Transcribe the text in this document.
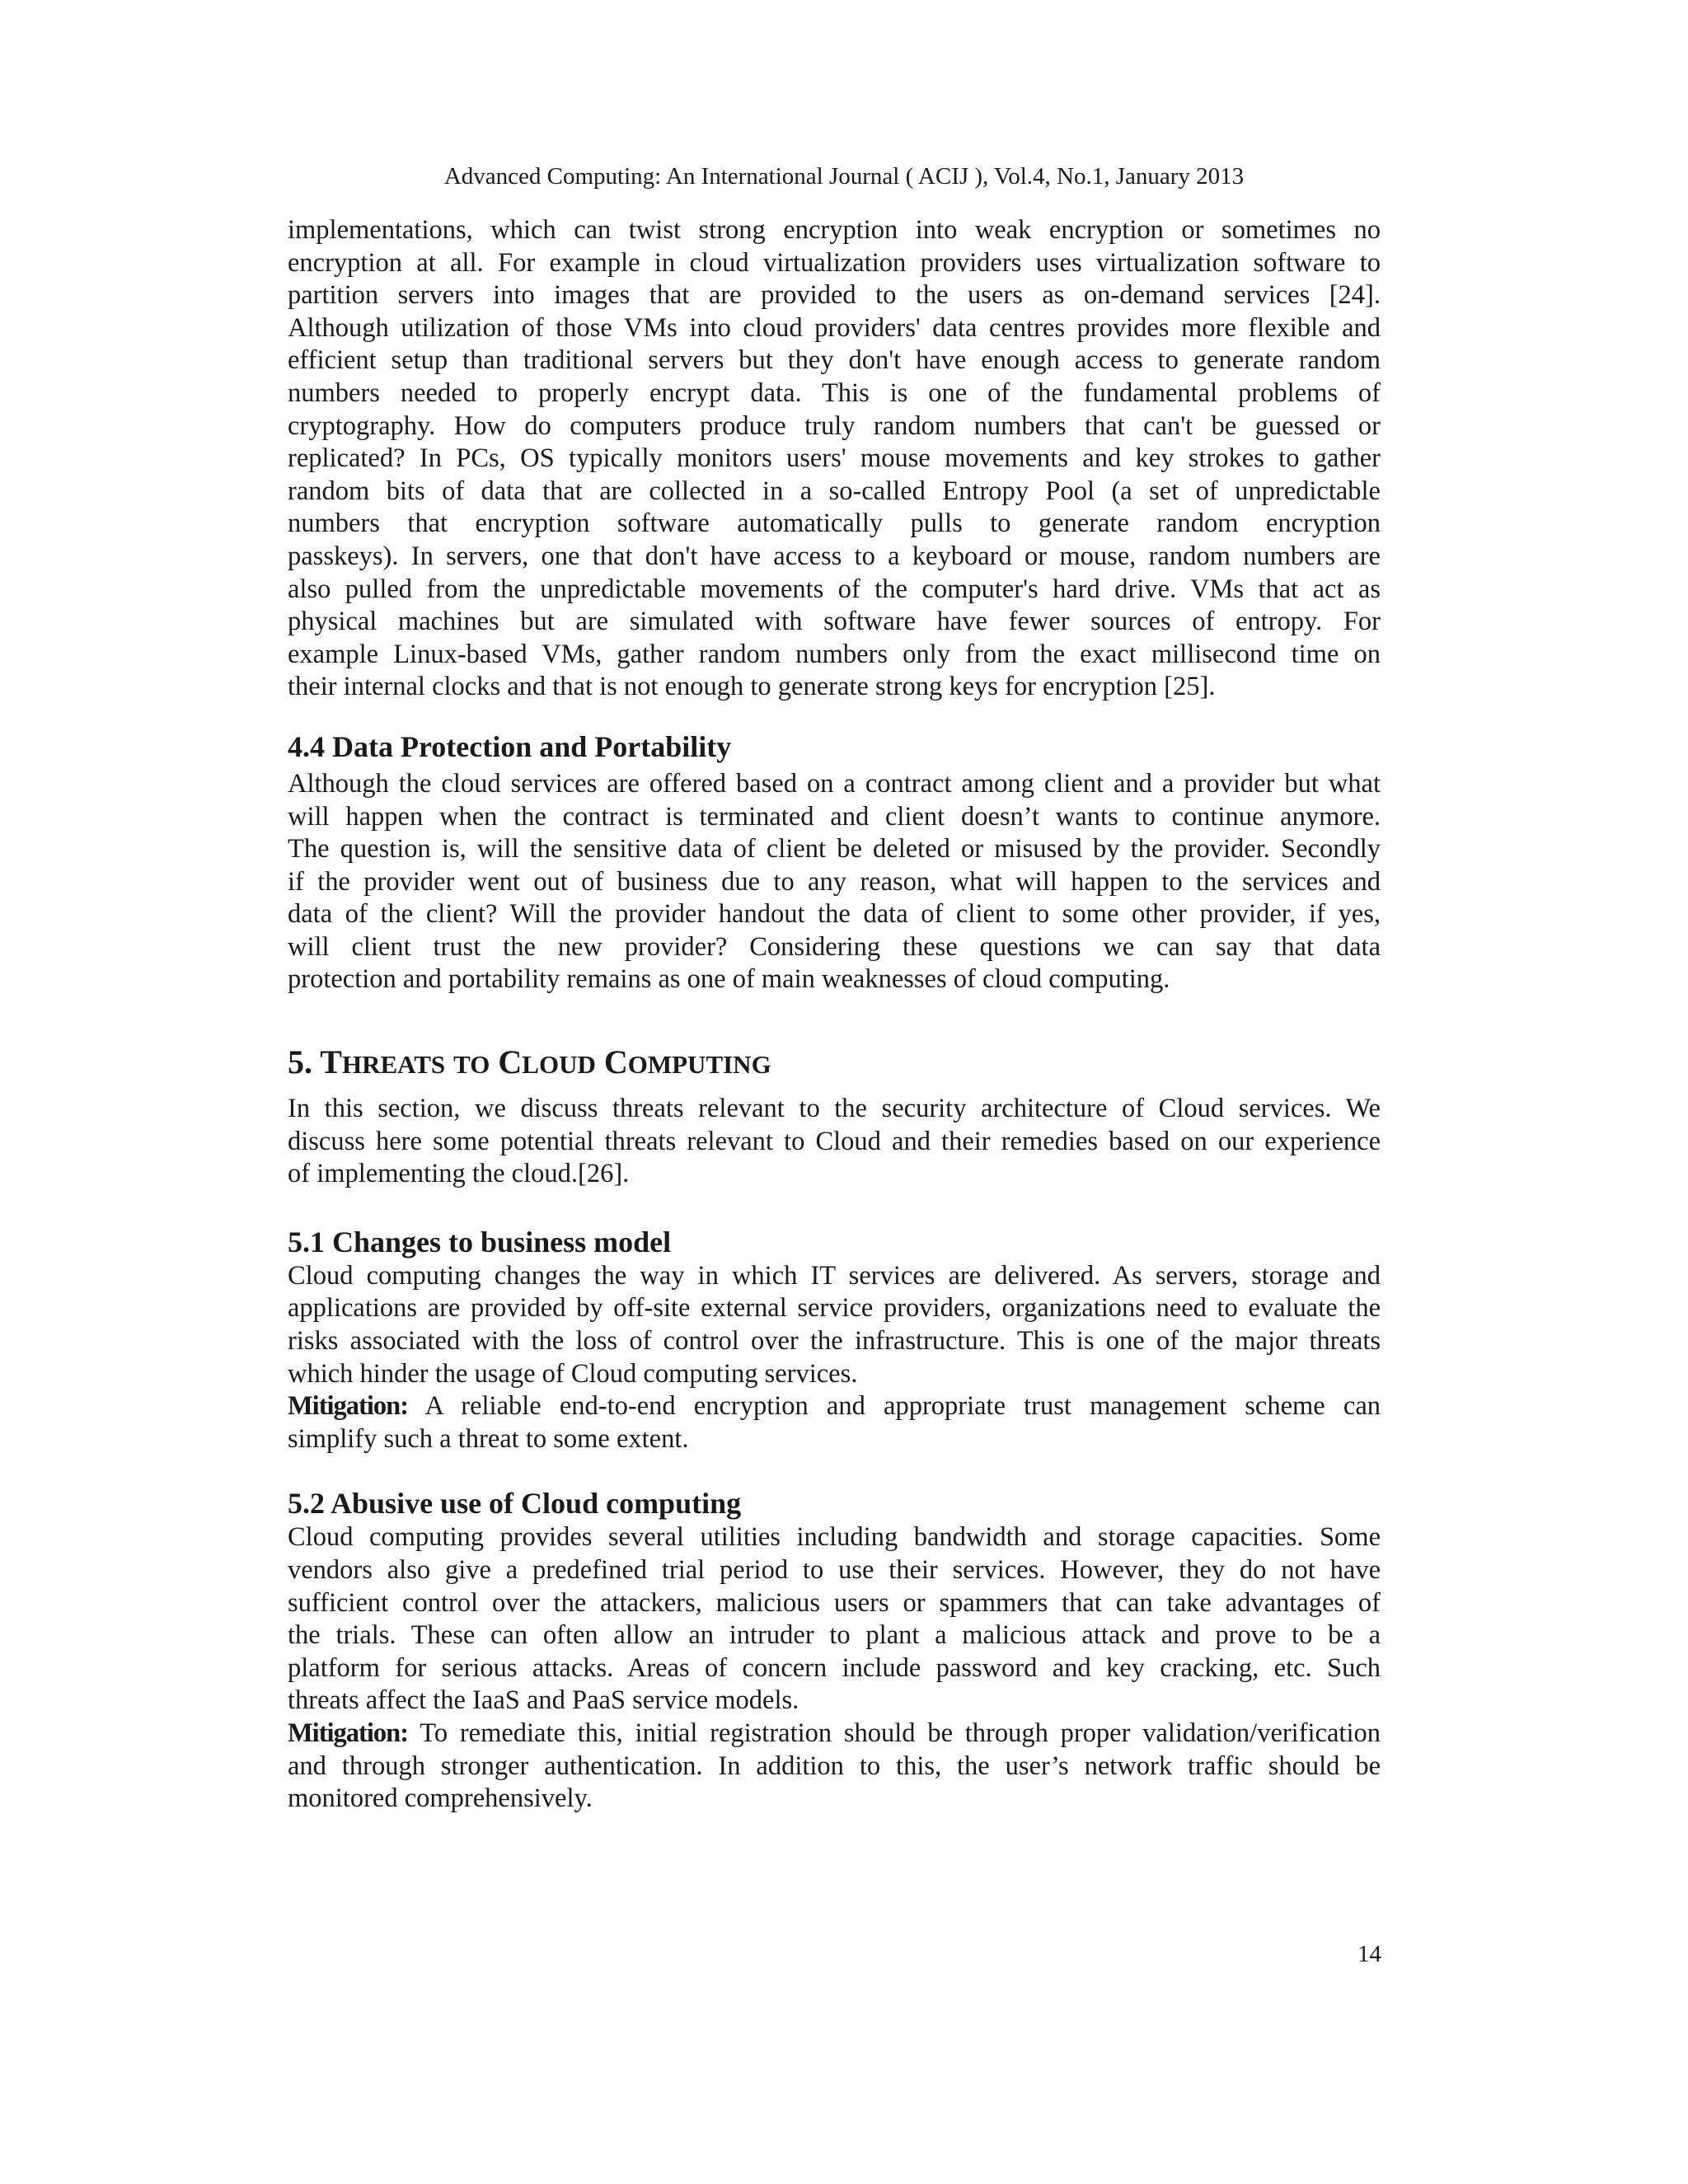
Advanced Computing: An International Journal ( ACIJ ), Vol.4, No.1, January 2013

implementations, which can twist strong encryption into weak encryption or sometimes no
encryption at all. For example in cloud virtualization providers uses virtualization software to
partition servers into images that are provided to the users as on-demand services [24].
Although utilization of those VMs into cloud providers' data centres provides more flexible and
efficient setup than traditional servers but they don't have enough access to generate random
numbers needed to properly encrypt data. This is one of the fundamental problems of
cryptography. How do computers produce truly random numbers that can't be guessed or
replicated? In PCs, OS typically monitors users' mouse movements and key strokes to gather
random bits of data that are collected in a so-called Entropy Pool (a set of unpredictable
numbers that encryption software automatically pulls to generate random encryption
passkeys). In servers, one that don't have access to a keyboard or mouse, random numbers are
also pulled from the unpredictable movements of the computer's hard drive. VMs that act as
physical machines but are simulated with software have fewer sources of entropy. For
example Linux-based VMs, gather random numbers only from the exact millisecond time on
their internal clocks and that is not enough to generate strong keys for encryption [25].

4.4 Data Protection and Portability

Although the cloud services are offered based on a contract among client and a provider but what
will happen when the contract is terminated and client doesn’t wants to continue anymore.
The question is, will the sensitive data of client be deleted or misused by the provider. Secondly
if the provider went out of business due to any reason, what will happen to the services and
data of the client? Will the provider handout the data of client to some other provider, if yes,
will client trust the new provider? Considering these questions we can say that data
protection and portability remains as one of main weaknesses of cloud computing.

5. THREATS TO CLOUD COMPUTING

In this section, we discuss threats relevant to the security architecture of Cloud services. We
discuss here some potential threats relevant to Cloud and their remedies based on our experience
of implementing the cloud.[26].

5.1 Changes to business model

Cloud computing changes the way in which IT services are delivered. As servers, storage and
applications are provided by off-site external service providers, organizations need to evaluate the
risks associated with the loss of control over the infrastructure. This is one of the major threats
which hinder the usage of Cloud computing services.
Mitigation: A reliable end-to-end encryption and appropriate trust management scheme can
simplify such a threat to some extent.

5.2 Abusive use of Cloud computing

Cloud computing provides several utilities including bandwidth and storage capacities. Some
vendors also give a predefined trial period to use their services. However, they do not have
sufficient control over the attackers, malicious users or spammers that can take advantages of
the trials. These can often allow an intruder to plant a malicious attack and prove to be a
platform for serious attacks. Areas of concern include password and key cracking, etc. Such
threats affect the IaaS and PaaS service models.
Mitigation: To remediate this, initial registration should be through proper validation/verification
and through stronger authentication. In addition to this, the user’s network traffic should be
monitored comprehensively.

14
